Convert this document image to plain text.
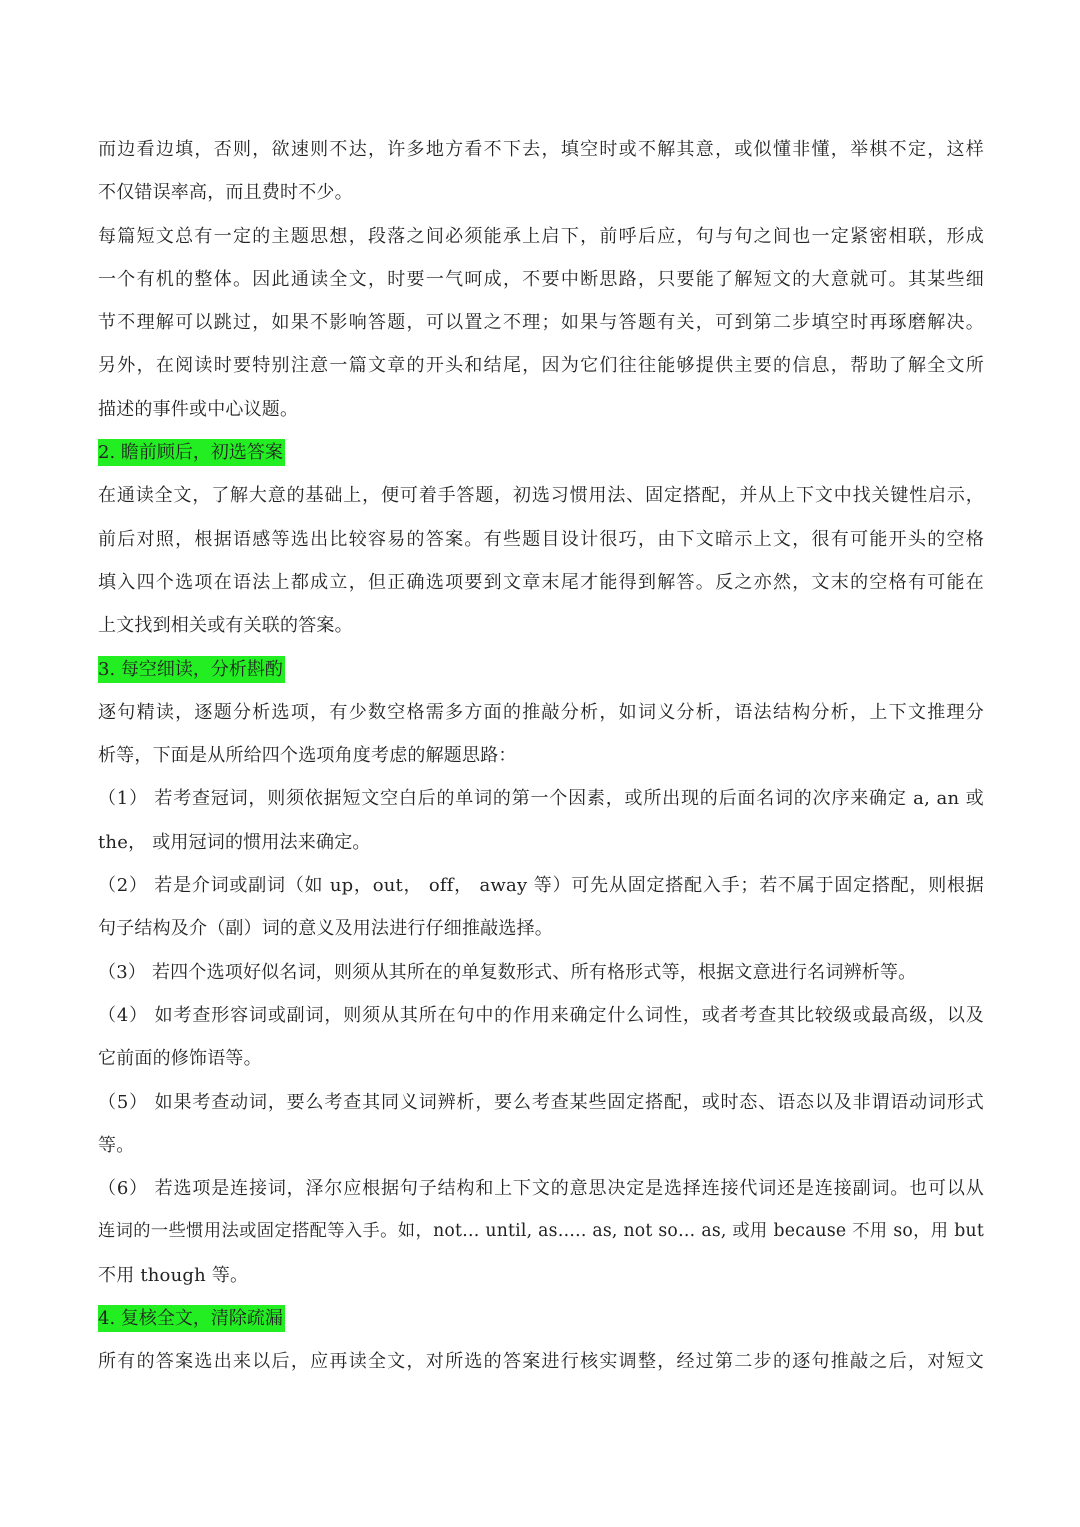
而边看边填，否则，欲速则不达，许多地方看不下去，填空时或不解其意，或似懂非懂，举棋不定，这样
不仅错误率高，而且费时不少。
每篇短文总有一定的主题思想，段落之间必须能承上启下，前呼后应，句与句之间也一定紧密相联，形成
一个有机的整体。因此通读全文，时要一气呵成，不要中断思路，只要能了解短文的大意就可。其某些细
节不理解可以跳过，如果不影响答题，可以置之不理；如果与答题有关，可到第二步填空时再琢磨解决。
另外，在阅读时要特别注意一篇文章的开头和结尾，因为它们往往能够提供主要的信息，帮助了解全文所
描述的事件或中心议题。
2. 瞻前顾后，初选答案
在通读全文，了解大意的基础上，便可着手答题，初选习惯用法、固定搭配，并从上下文中找关键性启示，
前后对照，根据语感等选出比较容易的答案。有些题目设计很巧，由下文暗示上文，很有可能开头的空格
填入四个选项在语法上都成立，但正确选项要到文章末尾才能得到解答。反之亦然，文末的空格有可能在
上文找到相关或有关联的答案。
3. 每空细读，分析斟酌
逐句精读，逐题分析选项，有少数空格需多方面的推敲分析，如词义分析，语法结构分析，上下文推理分
析等，下面是从所给四个选项角度考虑的解题思路：
（1） 若考查冠词，则须依据短文空白后的单词的第一个因素，或所出现的后面名词的次序来确定 a, an 或
the， 或用冠词的惯用法来确定。
（2） 若是介词或副词（如 up，out， off， away 等）可先从固定搭配入手；若不属于固定搭配，则根据
句子结构及介（副）词的意义及用法进行仔细推敲选择。
（3） 若四个选项好似名词，则须从其所在的单复数形式、所有格形式等，根据文意进行名词辨析等。
（4） 如考查形容词或副词，则须从其所在句中的作用来确定什么词性，或者考查其比较级或最高级，以及
它前面的修饰语等。
（5） 如果考查动词，要么考查其同义词辨析，要么考查某些固定搭配，或时态、语态以及非谓语动词形式
等。
（6） 若选项是连接词，泽尔应根据句子结构和上下文的意思决定是选择连接代词还是连接副词。也可以从
连词的一些惯用法或固定搭配等入手。如，not… until, as….. as, not so… as, 或用 because 不用 so，用 but
不用 though 等。
4. 复核全文，清除疏漏
所有的答案选出来以后，应再读全文，对所选的答案进行核实调整，经过第二步的逐句推敲之后，对短文
